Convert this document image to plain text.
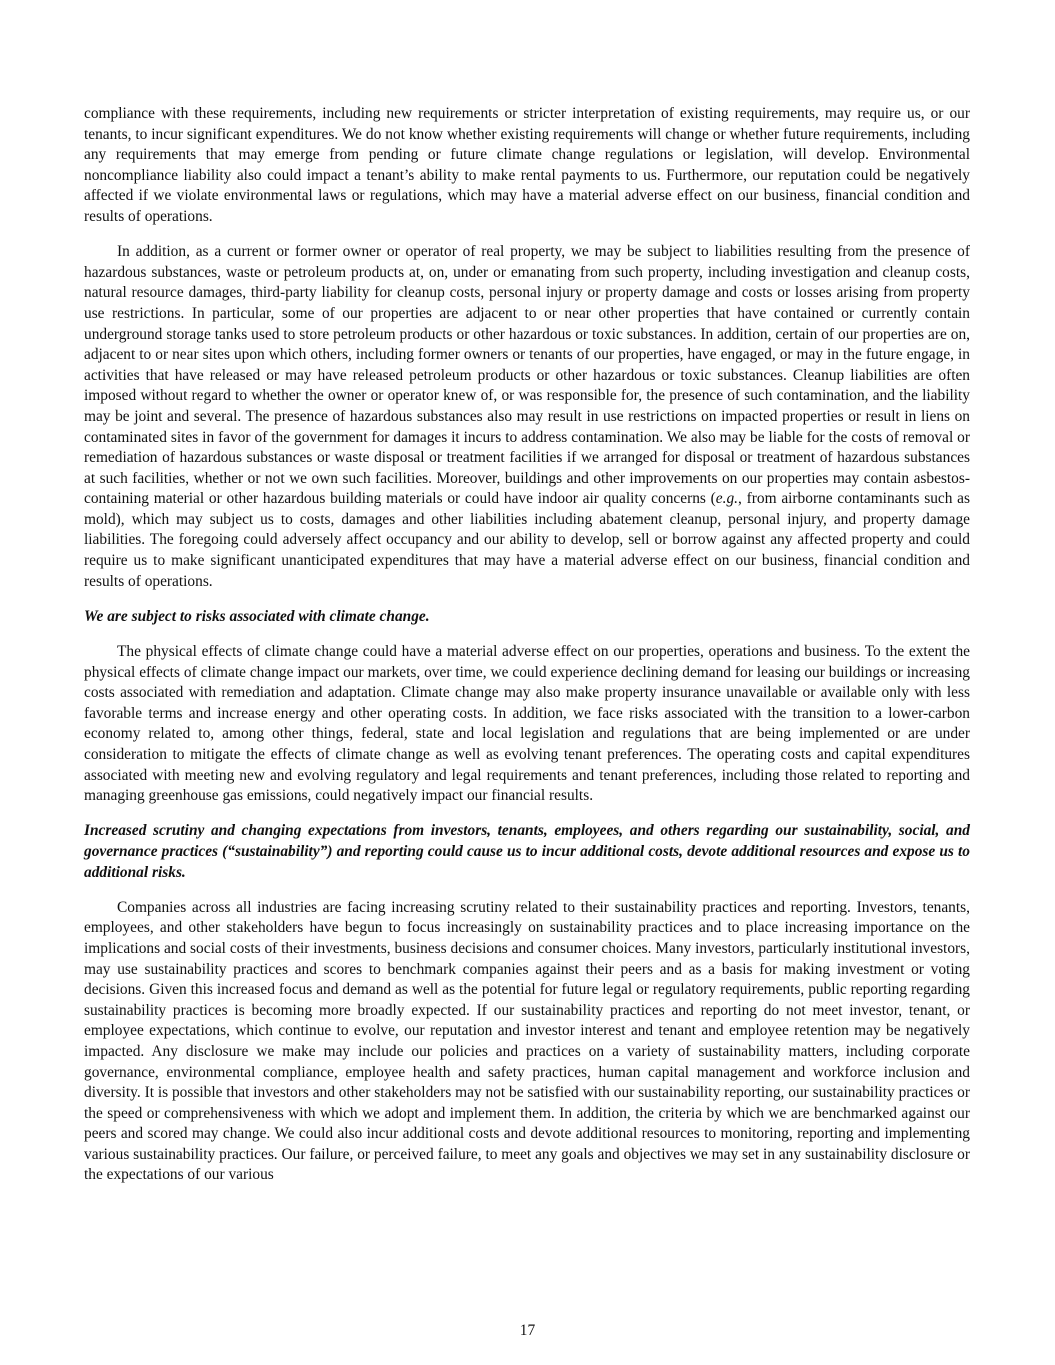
compliance with these requirements, including new requirements or stricter interpretation of existing requirements, may require us, or our tenants, to incur significant expenditures. We do not know whether existing requirements will change or whether future requirements, including any requirements that may emerge from pending or future climate change regulations or legislation, will develop. Environmental noncompliance liability also could impact a tenant’s ability to make rental payments to us. Furthermore, our reputation could be negatively affected if we violate environmental laws or regulations, which may have a material adverse effect on our business, financial condition and results of operations.

In addition, as a current or former owner or operator of real property, we may be subject to liabilities resulting from the presence of hazardous substances, waste or petroleum products at, on, under or emanating from such property, including investigation and cleanup costs, natural resource damages, third-party liability for cleanup costs, personal injury or property damage and costs or losses arising from property use restrictions. In particular, some of our properties are adjacent to or near other properties that have contained or currently contain underground storage tanks used to store petroleum products or other hazardous or toxic substances. In addition, certain of our properties are on, adjacent to or near sites upon which others, including former owners or tenants of our properties, have engaged, or may in the future engage, in activities that have released or may have released petroleum products or other hazardous or toxic substances. Cleanup liabilities are often imposed without regard to whether the owner or operator knew of, or was responsible for, the presence of such contamination, and the liability may be joint and several. The presence of hazardous substances also may result in use restrictions on impacted properties or result in liens on contaminated sites in favor of the government for damages it incurs to address contamination. We also may be liable for the costs of removal or remediation of hazardous substances or waste disposal or treatment facilities if we arranged for disposal or treatment of hazardous substances at such facilities, whether or not we own such facilities. Moreover, buildings and other improvements on our properties may contain asbestos-containing material or other hazardous building materials or could have indoor air quality concerns (e.g., from airborne contaminants such as mold), which may subject us to costs, damages and other liabilities including abatement cleanup, personal injury, and property damage liabilities. The foregoing could adversely affect occupancy and our ability to develop, sell or borrow against any affected property and could require us to make significant unanticipated expenditures that may have a material adverse effect on our business, financial condition and results of operations.

We are subject to risks associated with climate change.

The physical effects of climate change could have a material adverse effect on our properties, operations and business. To the extent the physical effects of climate change impact our markets, over time, we could experience declining demand for leasing our buildings or increasing costs associated with remediation and adaptation. Climate change may also make property insurance unavailable or available only with less favorable terms and increase energy and other operating costs. In addition, we face risks associated with the transition to a lower-carbon economy related to, among other things, federal, state and local legislation and regulations that are being implemented or are under consideration to mitigate the effects of climate change as well as evolving tenant preferences. The operating costs and capital expenditures associated with meeting new and evolving regulatory and legal requirements and tenant preferences, including those related to reporting and managing greenhouse gas emissions, could negatively impact our financial results.

Increased scrutiny and changing expectations from investors, tenants, employees, and others regarding our sustainability, social, and governance practices (“sustainability”) and reporting could cause us to incur additional costs, devote additional resources and expose us to additional risks.

Companies across all industries are facing increasing scrutiny related to their sustainability practices and reporting. Investors, tenants, employees, and other stakeholders have begun to focus increasingly on sustainability practices and to place increasing importance on the implications and social costs of their investments, business decisions and consumer choices. Many investors, particularly institutional investors, may use sustainability practices and scores to benchmark companies against their peers and as a basis for making investment or voting decisions. Given this increased focus and demand as well as the potential for future legal or regulatory requirements, public reporting regarding sustainability practices is becoming more broadly expected. If our sustainability practices and reporting do not meet investor, tenant, or employee expectations, which continue to evolve, our reputation and investor interest and tenant and employee retention may be negatively impacted. Any disclosure we make may include our policies and practices on a variety of sustainability matters, including corporate governance, environmental compliance, employee health and safety practices, human capital management and workforce inclusion and diversity. It is possible that investors and other stakeholders may not be satisfied with our sustainability reporting, our sustainability practices or the speed or comprehensiveness with which we adopt and implement them. In addition, the criteria by which we are benchmarked against our peers and scored may change. We could also incur additional costs and devote additional resources to monitoring, reporting and implementing various sustainability practices. Our failure, or perceived failure, to meet any goals and objectives we may set in any sustainability disclosure or the expectations of our various

17
